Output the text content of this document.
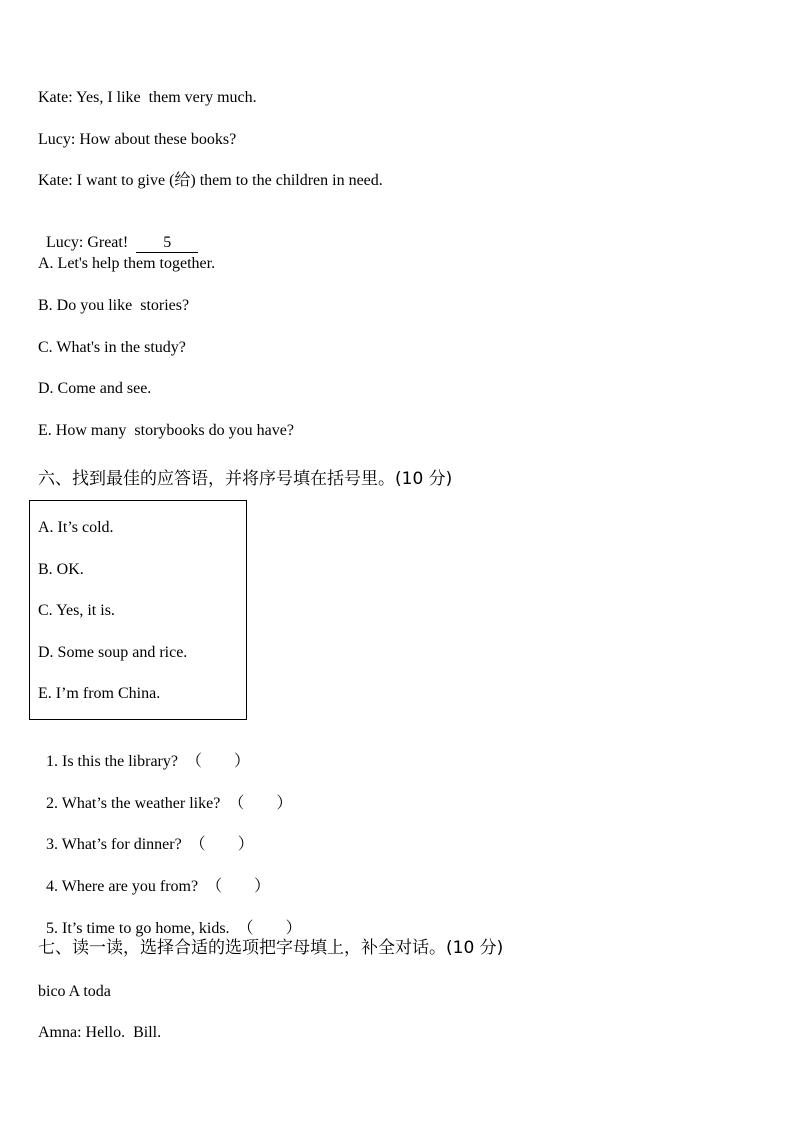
Kate: Yes, I like  them very much.
Lucy: How about these books?
Kate: I want to give (给) them to the children in need.

Lucy: Great!  5

A. Let's help them together.
B. Do you like  stories?
C. What's in the study?
D. Come and see.
E. How many  storybooks do you have?
六、找到最佳的应答语，并将序号填在括号里。(10 分)
A. It’s cold.
B. OK.
C. Yes, it is.
D. Some soup and rice.
E. I’m from China.

1. Is this the library?  （ ）

2. What’s the weather like?  （ ）

3. What’s for dinner?  （ ）

4. Where are you from?  （ ）

5. It’s time to go home, kids.  （ ）

七、读一读，选择合适的选项把字母填上，补全对话。(10 分)
bico A toda
Amna: Hello.  Bill.
